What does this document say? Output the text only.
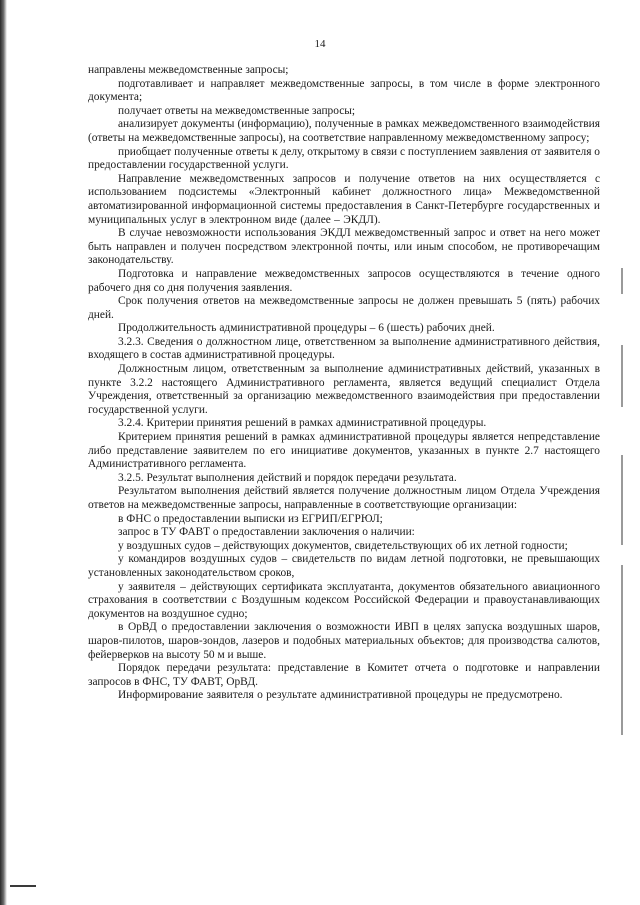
14

направлены межведомственные запросы;

подготавливает и направляет межведомственные запросы, в том числе в форме электронного документа;

получает ответы на межведомственные запросы;

анализирует документы (информацию), полученные в рамках межведомственного взаимодействия (ответы на межведомственные запросы), на соответствие направленному межведомственному запросу;

приобщает полученные ответы к делу, открытому в связи с поступлением заявления от заявителя о предоставлении государственной услуги.

Направление межведомственных запросов и получение ответов на них осуществляется с использованием подсистемы «Электронный кабинет должностного лица» Межведомственной автоматизированной информационной системы предоставления в Санкт-Петербурге государственных и муниципальных услуг в электронном виде (далее – ЭКДЛ).

В случае невозможности использования ЭКДЛ межведомственный запрос и ответ на него может быть направлен и получен посредством электронной почты, или иным способом, не противоречащим законодательству.

Подготовка и направление межведомственных запросов осуществляются в течение одного рабочего дня со дня получения заявления.

Срок получения ответов на межведомственные запросы не должен превышать 5 (пять) рабочих дней.

Продолжительность административной процедуры – 6 (шесть) рабочих дней.

3.2.3. Сведения о должностном лице, ответственном за выполнение административного действия, входящего в состав административной процедуры.

Должностным лицом, ответственным за выполнение административных действий, указанных в пункте 3.2.2 настоящего Административного регламента, является ведущий специалист Отдела Учреждения, ответственный за организацию межведомственного взаимодействия при предоставлении государственной услуги.

3.2.4. Критерии принятия решений в рамках административной процедуры.

Критерием принятия решений в рамках административной процедуры является непредставление либо представление заявителем по его инициативе документов, указанных в пункте 2.7 настоящего Административного регламента.

3.2.5. Результат выполнения действий и порядок передачи результата.

Результатом выполнения действий является получение должностным лицом Отдела Учреждения ответов на межведомственные запросы, направленные в соответствующие организации:

в ФНС о предоставлении выписки из ЕГРИП/ЕГРЮЛ;

запрос в ТУ ФАВТ о предоставлении заключения о наличии:

у воздушных судов – действующих документов, свидетельствующих об их летной годности;

у командиров воздушных судов – свидетельств по видам летной подготовки, не превышающих установленных законодательством сроков,

у заявителя – действующих сертификата эксплуатанта, документов обязательного авиационного страхования в соответствии с Воздушным кодексом Российской Федерации и правоустанавливающих документов на воздушное судно;

в ОрВД о предоставлении заключения о возможности ИВП в целях запуска воздушных шаров, шаров-пилотов, шаров-зондов, лазеров и подобных материальных объектов; для производства салютов, фейерверков на высоту 50 м и выше.

Порядок передачи результата: представление в Комитет отчета о подготовке и направлении запросов в ФНС, ТУ ФАВТ, ОрВД.

Информирование заявителя о результате административной процедуры не предусмотрено.
